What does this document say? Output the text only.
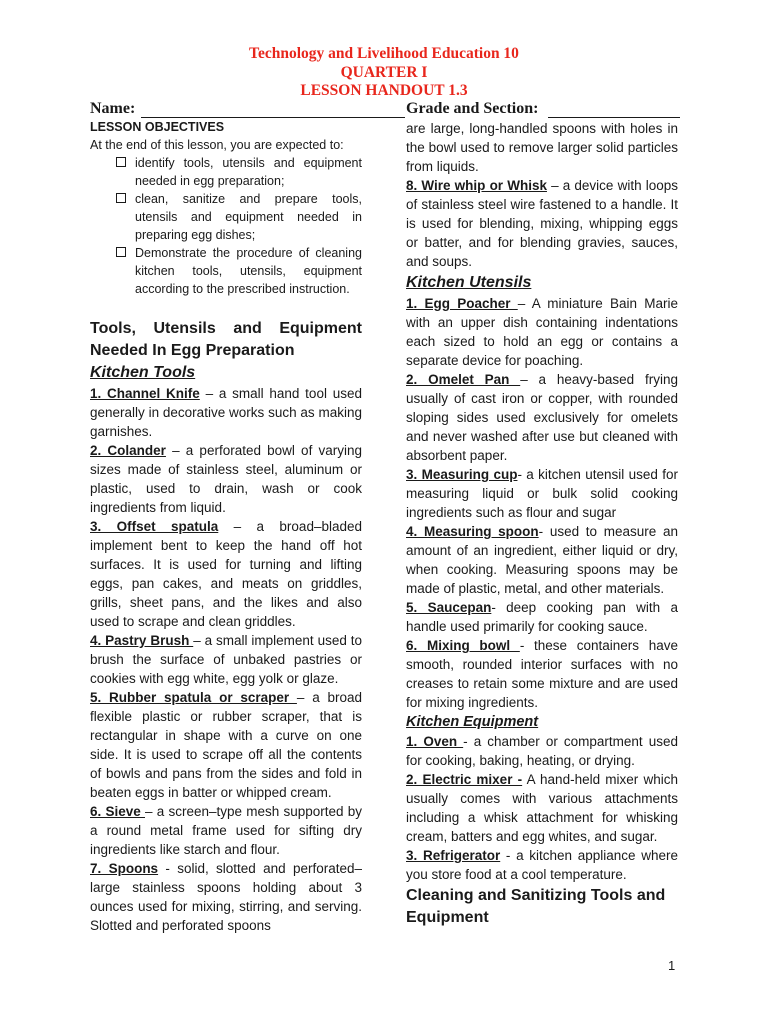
Technology and Livelihood Education 10
QUARTER I
LESSON HANDOUT 1.3
Name:	Grade and Section:

LESSON OBJECTIVES

At the end of this lesson, you are expected to:

identify tools, utensils and equipment needed in egg preparation;
clean, sanitize and prepare tools, utensils and equipment needed in preparing egg dishes;
Demonstrate the procedure of cleaning kitchen tools, utensils, equipment according to the prescribed instruction.

Tools, Utensils and Equipment Needed In Egg Preparation

Kitchen Tools

1. Channel Knife – a small hand tool used generally in decorative works such as making garnishes.

2. Colander – a perforated bowl of varying sizes made of stainless steel, aluminum or plastic, used to drain, wash or cook ingredients from liquid.

3. Offset spatula – a broad–bladed implement bent to keep the hand off hot surfaces. It is used for turning and lifting eggs, pan cakes, and meats on griddles, grills, sheet pans, and the likes and also used to scrape and clean griddles.

4. Pastry Brush – a small implement used to brush the surface of unbaked pastries or cookies with egg white, egg yolk or glaze.

5. Rubber spatula or scraper – a broad flexible plastic or rubber scraper, that is rectangular in shape with a curve on one side. It is used to scrape off all the contents of bowls and pans from the sides and fold in beaten eggs in batter or whipped cream.

6. Sieve – a screen–type mesh supported by a round metal frame used for sifting dry ingredients like starch and flour.

7. Spoons - solid, slotted and perforated–large stainless spoons holding about 3 ounces used for mixing, stirring, and serving. Slotted and perforated spoons

are large, long-handled spoons with holes in the bowl used to remove larger solid particles from liquids.

8. Wire whip or Whisk – a device with loops of stainless steel wire fastened to a handle. It is used for blending, mixing, whipping eggs or batter, and for blending gravies, sauces, and soups.

Kitchen Utensils

1. Egg Poacher – A miniature Bain Marie with an upper dish containing indentations each sized to hold an egg or contains a separate device for poaching.

2. Omelet Pan – a heavy-based frying usually of cast iron or copper, with rounded sloping sides used exclusively for omelets and never washed after use but cleaned with absorbent paper.

3. Measuring cup- a kitchen utensil used for measuring liquid or bulk solid cooking ingredients such as flour and sugar

4. Measuring spoon- used to measure an amount of an ingredient, either liquid or dry, when cooking. Measuring spoons may be made of plastic, metal, and other materials.

5. Saucepan- deep cooking pan with a handle used primarily for cooking sauce.

6. Mixing bowl - these containers have smooth, rounded interior surfaces with no creases to retain some mixture and are used for mixing ingredients.

Kitchen Equipment

1. Oven - a chamber or compartment used for cooking, baking, heating, or drying.

2. Electric mixer - A hand-held mixer which usually comes with various attachments including a whisk attachment for whisking cream, batters and egg whites, and sugar.

3. Refrigerator - a kitchen appliance where you store food at a cool temperature.

Cleaning and Sanitizing Tools and Equipment

1
